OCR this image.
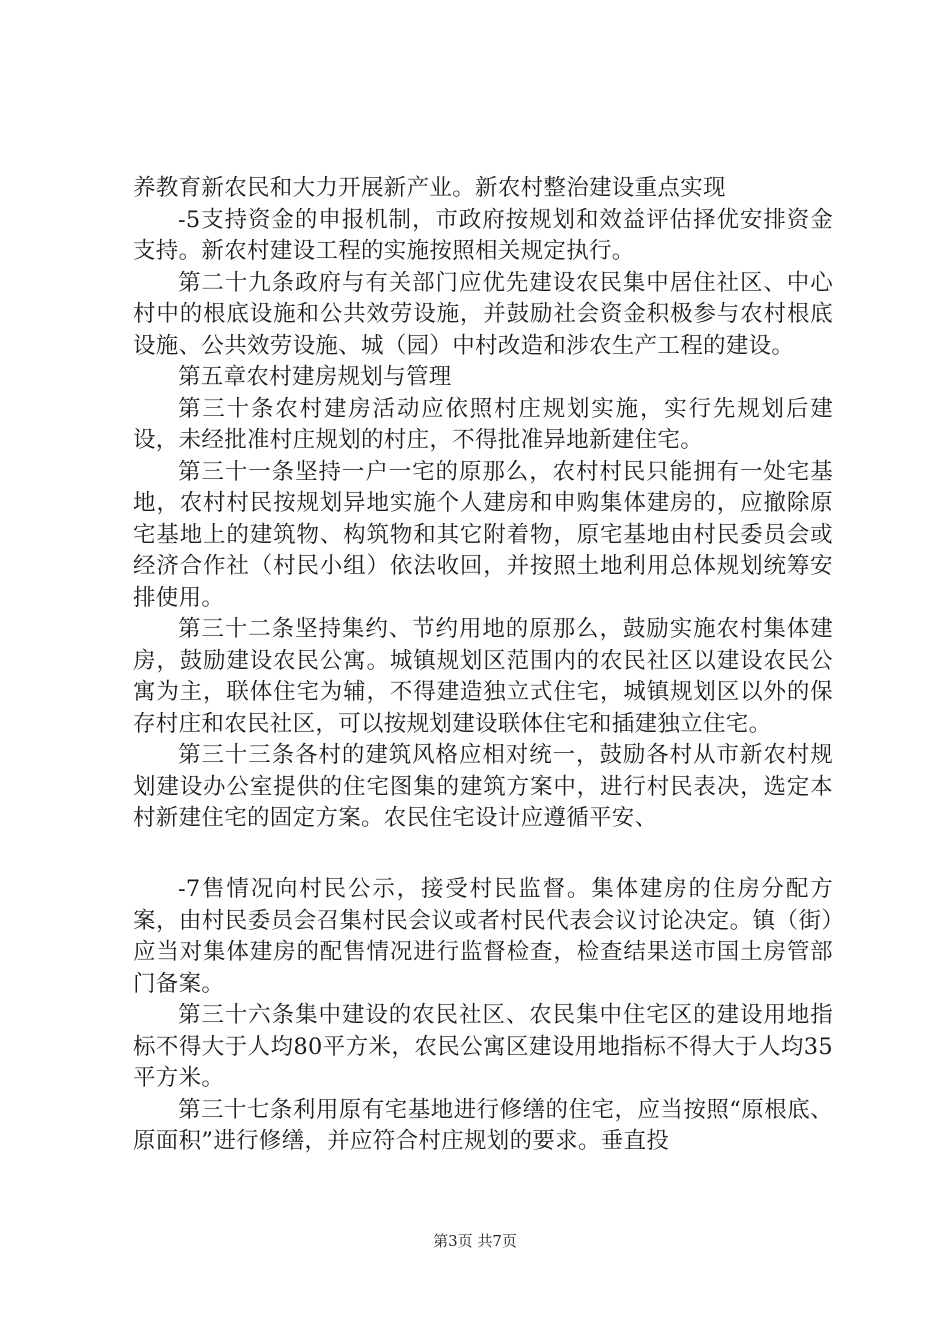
养教育新农民和大力开展新产业。新农村整治建设重点实现

-5支持资金的申报机制，市政府按规划和效益评估择优安排资金支持。新农村建设工程的实施按照相关规定执行。

第二十九条政府与有关部门应优先建设农民集中居住社区、中心村中的根底设施和公共效劳设施，并鼓励社会资金积极参与农村根底设施、公共效劳设施、城（园）中村改造和涉农生产工程的建设。

第五章农村建房规划与管理

第三十条农村建房活动应依照村庄规划实施，实行先规划后建设，未经批准村庄规划的村庄，不得批准异地新建住宅。

第三十一条坚持一户一宅的原那么，农村村民只能拥有一处宅基地，农村村民按规划异地实施个人建房和申购集体建房的，应撤除原宅基地上的建筑物、构筑物和其它附着物，原宅基地由村民委员会或经济合作社（村民小组）依法收回，并按照土地利用总体规划统筹安排使用。

第三十二条坚持集约、节约用地的原那么，鼓励实施农村集体建房，鼓励建设农民公寓。城镇规划区范围内的农民社区以建设农民公寓为主，联体住宅为辅，不得建造独立式住宅，城镇规划区以外的保存村庄和农民社区，可以按规划建设联体住宅和插建独立住宅。

第三十三条各村的建筑风格应相对统一，鼓励各村从市新农村规划建设办公室提供的住宅图集的建筑方案中，进行村民表决，选定本村新建住宅的固定方案。农民住宅设计应遵循平安、

-7售情况向村民公示，接受村民监督。集体建房的住房分配方案，由村民委员会召集村民会议或者村民代表会议讨论决定。镇（街）应当对集体建房的配售情况进行监督检查，检查结果送市国土房管部门备案。

第三十六条集中建设的农民社区、农民集中住宅区的建设用地指标不得大于人均80平方米，农民公寓区建设用地指标不得大于人均35平方米。

第三十七条利用原有宅基地进行修缮的住宅，应当按照“原根底、原面积”进行修缮，并应符合村庄规划的要求。垂直投

第3页 共7页
